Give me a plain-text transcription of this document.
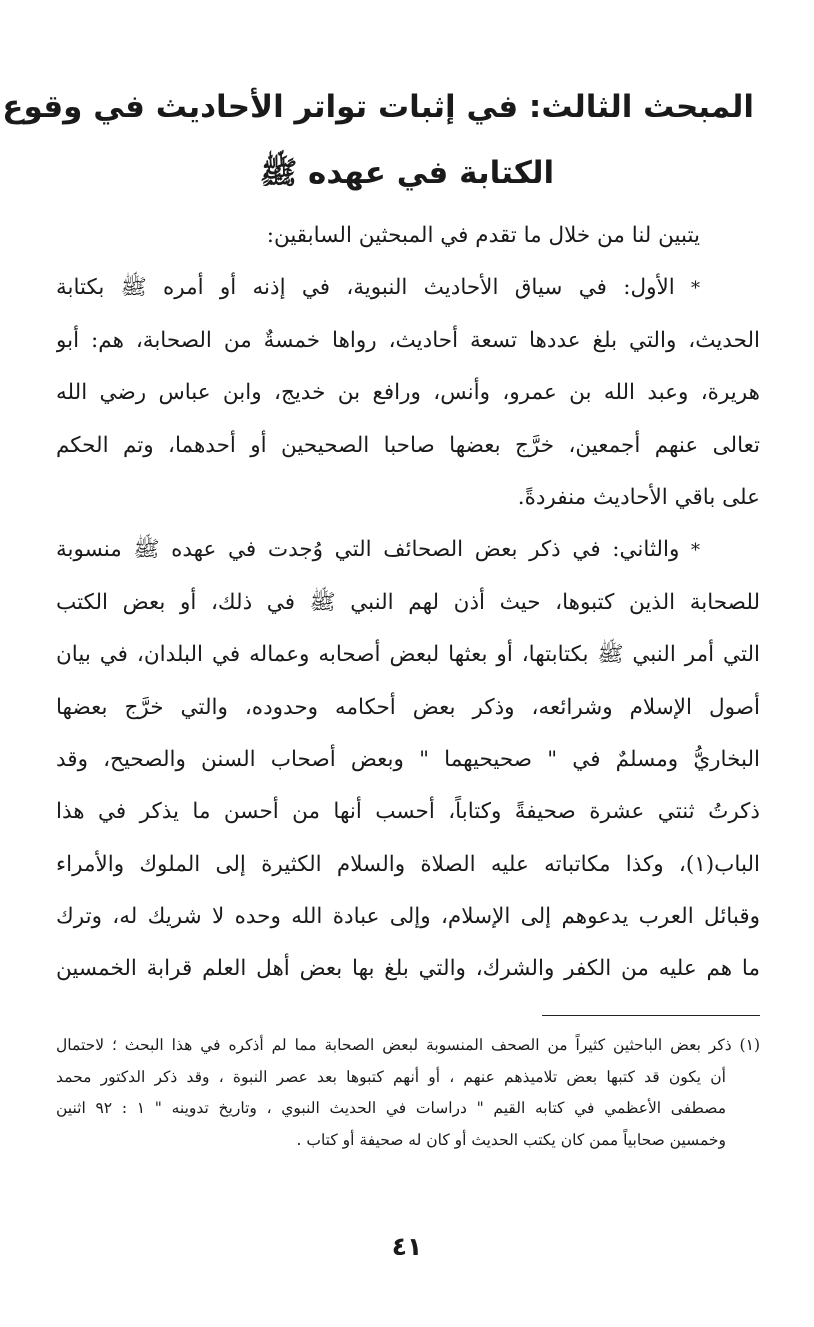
المبحث الثالث: في إثبات تواتر الأحاديث في وقوع
الكتابة في عهده ﷺ
يتبين لنا من خلال ما تقدم في المبحثين السابقين:
* الأول: في سياق الأحاديث النبوية، في إذنه أو أمره ﷺ بكتابة
الحديث، والتي بلغ عددها تسعة أحاديث، رواها خمسةٌ من الصحابة، هم: أبو
هريرة، وعبد الله بن عمرو، وأنس، ورافع بن خديج، وابن عباس رضي الله
تعالى عنهم أجمعين، خرَّج بعضها صاحبا الصحيحين أو أحدهما، وتم الحكم
على باقي الأحاديث منفردةً.
* والثاني: في ذكر بعض الصحائف التي وُجدت في عهده ﷺ منسوبة
للصحابة الذين كتبوها، حيث أذن لهم النبي ﷺ في ذلك، أو بعض الكتب
التي أمر النبي ﷺ بكتابتها، أو بعثها لبعض أصحابه وعماله في البلدان، في بيان
أصول الإسلام وشرائعه، وذكر بعض أحكامه وحدوده، والتي خرَّج بعضها
البخاريُّ ومسلمٌ في " صحيحيهما " وبعض أصحاب السنن والصحيح، وقد
ذكرتُ ثنتي عشرة صحيفةً وكتاباً، أحسب أنها من أحسن ما يذكر في هذا
الباب(١)، وكذا مكاتباته عليه الصلاة والسلام الكثيرة إلى الملوك والأمراء
وقبائل العرب يدعوهم إلى الإسلام، وإلى عبادة الله وحده لا شريك له، وترك
ما هم عليه من الكفر والشرك، والتي بلغ بها بعض أهل العلم قرابة الخمسين
(١) ذكر بعض الباحثين كثيراً من الصحف المنسوبة لبعض الصحابة مما لم أذكره في هذا البحث ؛ لاحتمال
أن يكون قد كتبها بعض تلاميذهم عنهم ، أو أنهم كتبوها بعد عصر النبوة ، وقد ذكر الدكتور محمد
مصطفى الأعظمي في كتابه القيم " دراسات في الحديث النبوي ، وتاريخ تدوينه " ١ : ٩٢ اثنين
وخمسين صحابياً ممن كان يكتب الحديث أو كان له صحيفة أو كتاب .
٤١
